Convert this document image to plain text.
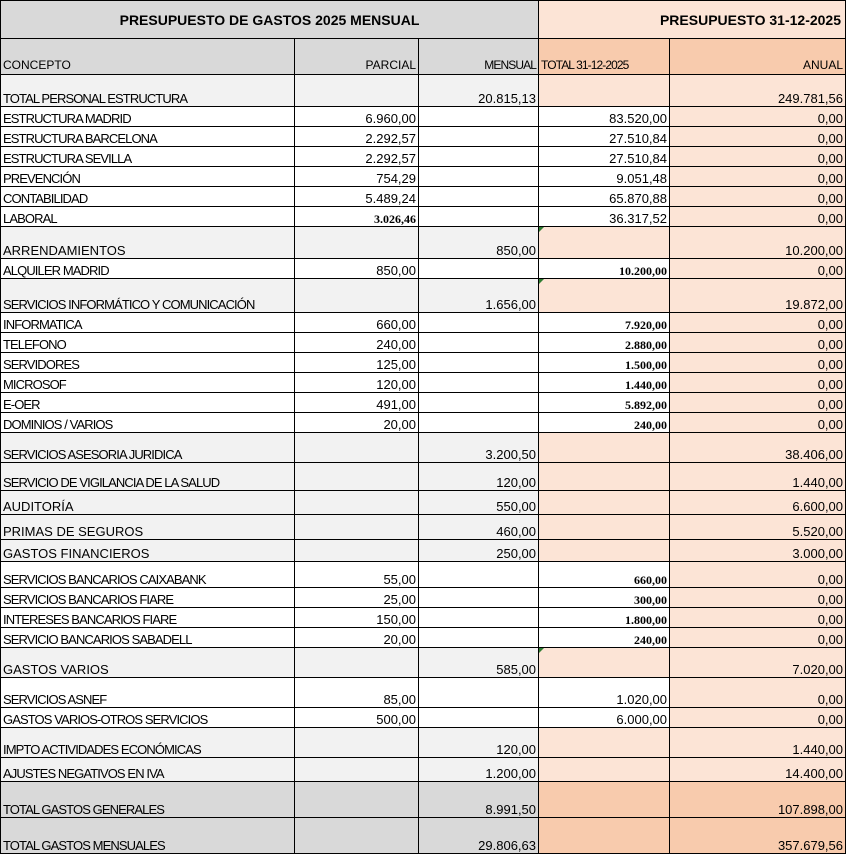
PRESUPUESTO DE GASTOS 2025 MENSUAL			PRESUPUESTO 31-12-2025	
CONCEPTO	PARCIAL	MENSUAL	TOTAL 31-12-2025	ANUAL
TOTAL PERSONAL ESTRUCTURA		20.815,13		249.781,56
ESTRUCTURA MADRID	6.960,00		83.520,00	0,00
ESTRUCTURA BARCELONA	2.292,57		27.510,84	0,00
ESTRUCTURA SEVILLA	2.292,57		27.510,84	0,00
PREVENCIÓN	754,29		9.051,48	0,00
CONTABILIDAD	5.489,24		65.870,88	0,00
LABORAL	3.026,46		36.317,52	0,00
ARRENDAMIENTOS		850,00		10.200,00
ALQUILER MADRID	850,00		10.200,00	0,00
SERVICIOS INFORMÁTICO Y COMUNICACIÓN		1.656,00		19.872,00
INFORMATICA	660,00		7.920,00	0,00
TELEFONO	240,00		2.880,00	0,00
SERVIDORES	125,00		1.500,00	0,00
MICROSOF	120,00		1.440,00	0,00
E-OER	491,00		5.892,00	0,00
DOMINIOS / VARIOS	20,00		240,00	0,00
SERVICIOS ASESORIA JURIDICA		3.200,50		38.406,00
SERVICIO DE VIGILANCIA DE LA SALUD		120,00		1.440,00
AUDITORÍA		550,00		6.600,00
PRIMAS DE SEGUROS		460,00		5.520,00
GASTOS FINANCIEROS		250,00		3.000,00
SERVICIOS BANCARIOS CAIXABANK	55,00		660,00	0,00
SERVICIOS BANCARIOS FIARE	25,00		300,00	0,00
INTERESES BANCARIOS FIARE	150,00		1.800,00	0,00
SERVICIO BANCARIOS SABADELL	20,00		240,00	0,00
GASTOS VARIOS		585,00		7.020,00
SERVICIOS ASNEF	85,00		1.020,00	0,00
GASTOS VARIOS-OTROS SERVICIOS	500,00		6.000,00	0,00
IMPTO ACTIVIDADES ECONÓMICAS		120,00		1.440,00
AJUSTES NEGATIVOS EN IVA		1.200,00		14.400,00
TOTAL GASTOS GENERALES		8.991,50		107.898,00
TOTAL GASTOS MENSUALES		29.806,63		357.679,56
